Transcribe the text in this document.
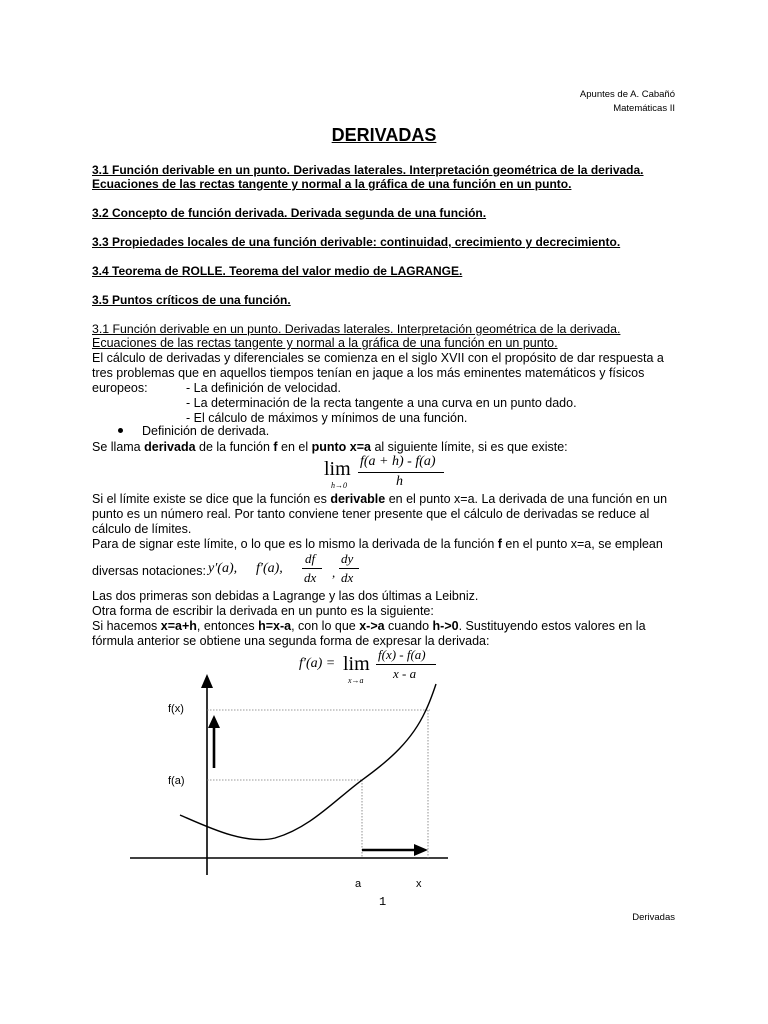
Apuntes de A. Cabañó
Matemáticas II
DERIVADAS
3.1 Función derivable en un punto. Derivadas laterales. Interpretación geométrica de la derivada.
Ecuaciones de las rectas tangente y normal a la gráfica de una función en un punto.
3.2 Concepto de función derivada. Derivada segunda de una función.
3.3 Propiedades locales de una función derivable: continuidad, crecimiento y decrecimiento.
3.4 Teorema de ROLLE. Teorema del valor medio de LAGRANGE.
3.5 Puntos críticos de una función.
3.1 Función derivable en un punto. Derivadas laterales. Interpretación geométrica de la derivada.
Ecuaciones de las rectas tangente y normal a la gráfica de una función en un punto.
El cálculo de derivadas y diferenciales se comienza en el siglo XVII con el propósito de dar respuesta a
tres problemas que en aquellos tiempos tenían en jaque a los más eminentes matemáticos y físicos
europeos:	- La definición de velocidad.
- La determinación de la recta tangente a una curva en un punto dado.
- El cálculo de máximos y mínimos de una función.
Definición de derivada.
Se llama derivada de la función f en el punto x=a al siguiente límite, si es que existe:
lim
h→0
f(a + h) - f(a)
h
Si el límite existe se dice que la función es derivable en el punto x=a. La derivada de una función en un
punto es un número real. Por tanto conviene tener presente que el cálculo de derivadas se reduce al
cálculo de límites.
Para de signar este límite, o lo que es lo mismo la derivada de la función f en el punto x=a, se emplean
diversas notaciones: y′(a), f′(a),
df
dx ,
dy
dx
Las dos primeras son debidas a Lagrange y las dos últimas a Leibniz.
Otra forma de escribir la derivada en un punto es la siguiente:
Si hacemos x=a+h, entonces h=x-a, con lo que x->a cuando h->0. Sustituyendo estos valores en la
fórmula anterior se obtiene una segunda forma de expresar la derivada:
f′(a) = lim
x→a
f(x) - f(a)
x - a
f(x)
f(a)
a	x
1
Derivadas
